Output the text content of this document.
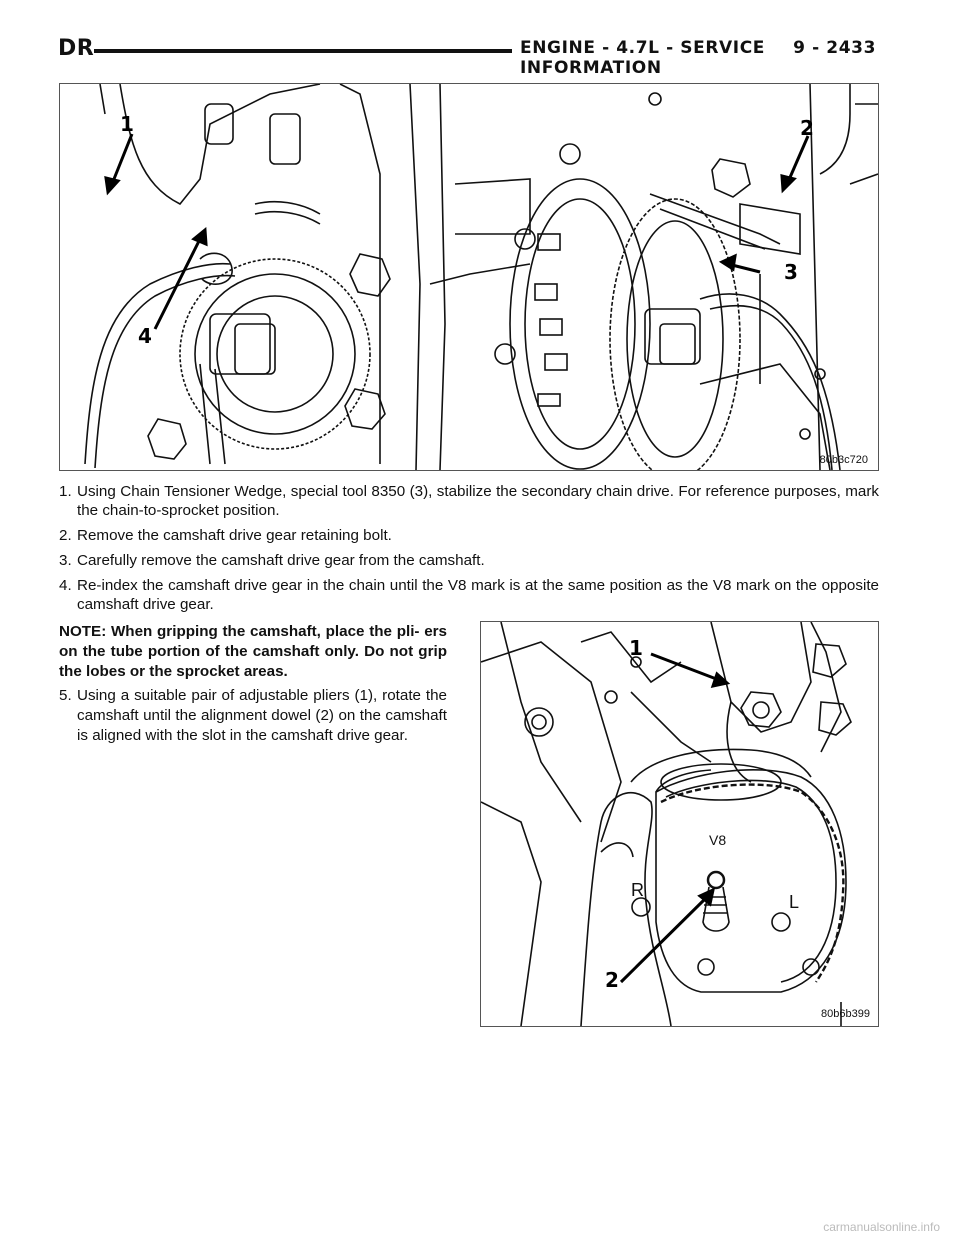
DR	ENGINE - 4.7L - SERVICE INFORMATION
9 - 2433
1	2
3
4
80b3c720
1. Using Chain Tensioner Wedge, special tool 8350 (3), stabilize the secondary chain drive. For reference purposes, mark the chain-to-sprocket position.
2. Remove the camshaft drive gear retaining bolt.
3. Carefully remove the camshaft drive gear from the camshaft.
4. Re-index the camshaft drive gear in the chain until the V8 mark is at the same position as the V8 mark on the opposite camshaft drive gear.
NOTE: When gripping the camshaft, place the pli- ers on the tube portion of the camshaft only. Do not grip the lobes or the sprocket areas.
5. Using a suitable pair of adjustable pliers (1), rotate the camshaft until the alignment dowel (2) on the camshaft is aligned with the slot in the camshaft drive gear.
1
2
V8
R
L
80b6b399
carmanualsonline.info
